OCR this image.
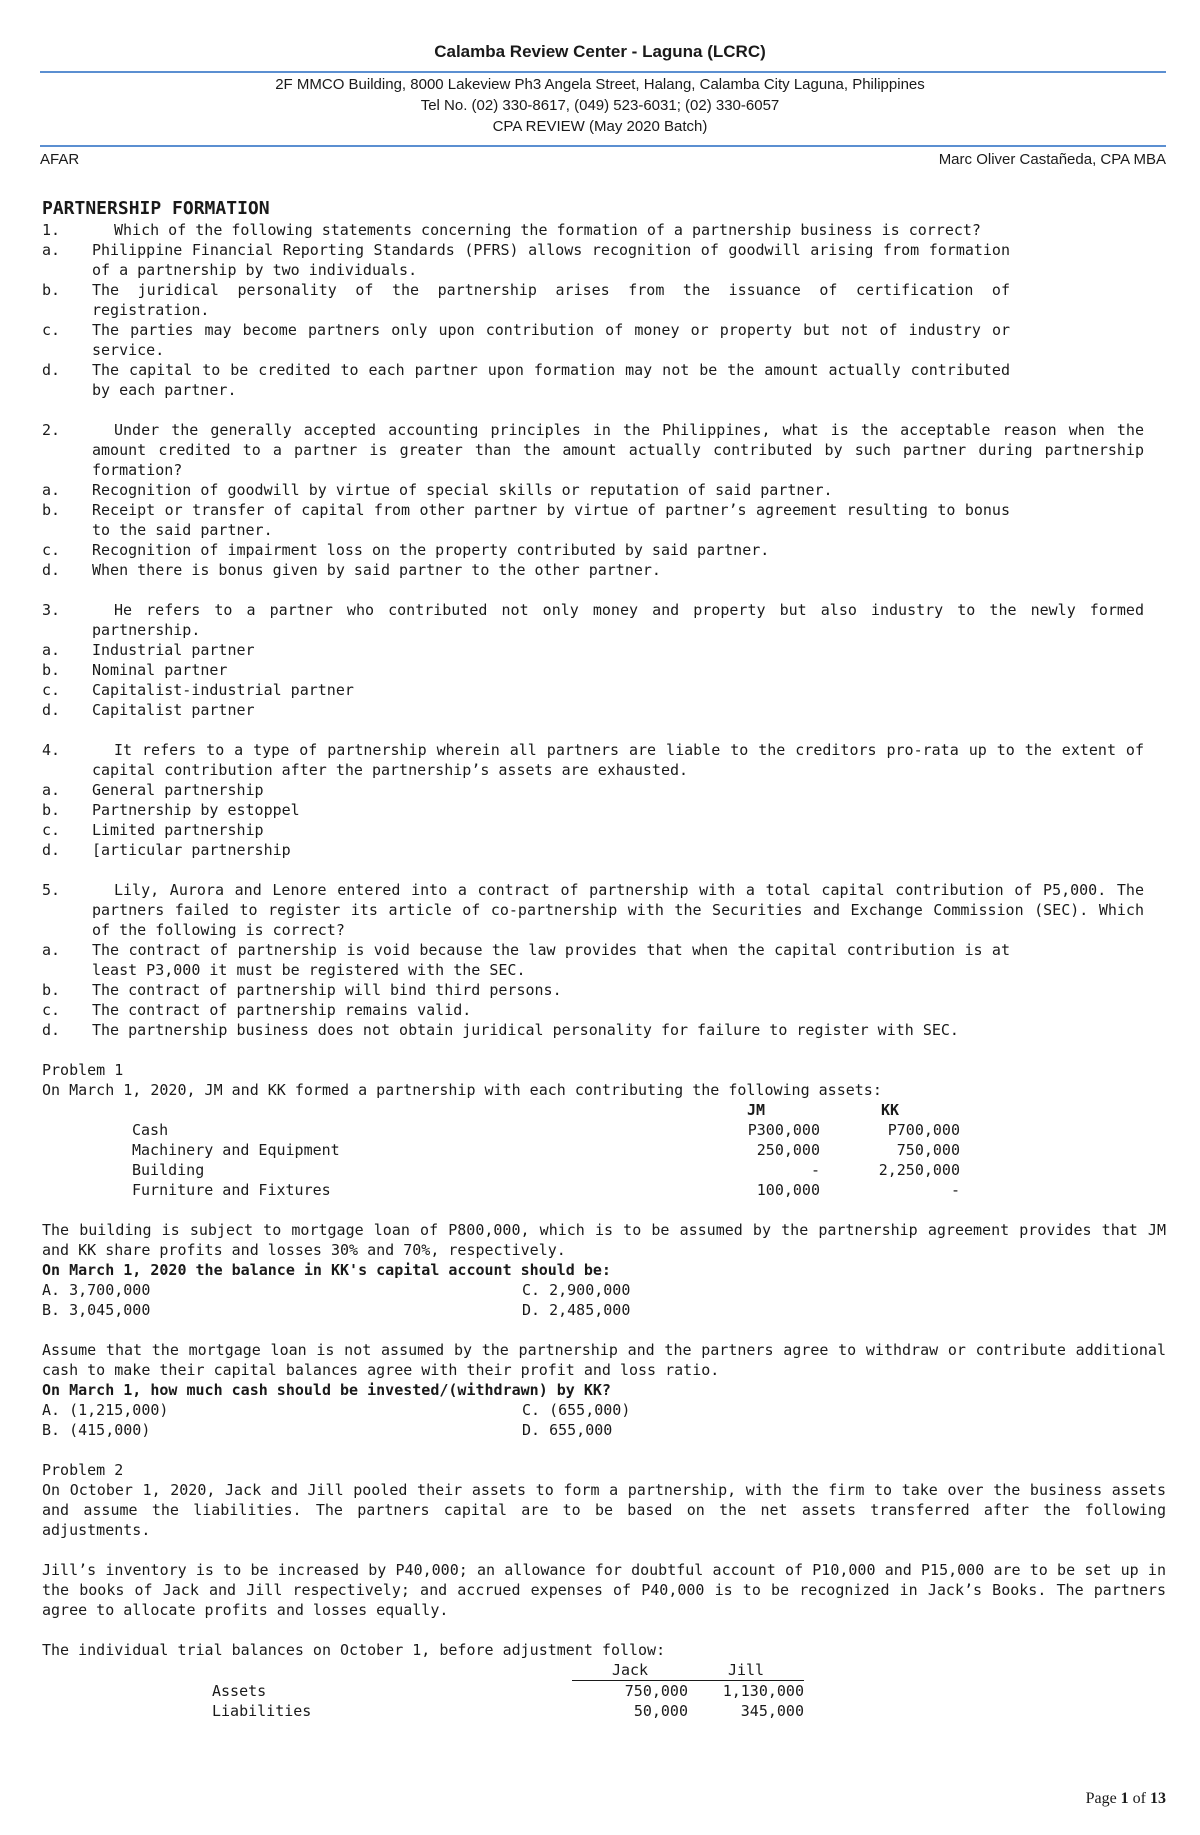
Calamba Review Center - Laguna (LCRC)
2F MMCO Building, 8000 Lakeview Ph3 Angela Street, Halang, Calamba City Laguna, Philippines
Tel No. (02) 330-8617, (049) 523-6031; (02) 330-6057
CPA REVIEW (May 2020 Batch)
AFAR	Marc Oliver Castañeda, CPA MBA
PARTNERSHIP FORMATION
1.	Which of the following statements concerning the formation of a partnership business is correct?
a.	Philippine Financial Reporting Standards (PFRS) allows recognition of goodwill arising from formation of a partnership by two individuals.
b.	The juridical personality of the partnership arises from the issuance of certification of registration.
c.	The parties may become partners only upon contribution of money or property but not of industry or service.
d.	The capital to be credited to each partner upon formation may not be the amount actually contributed by each partner.
2.	Under the generally accepted accounting principles in the Philippines, what is the acceptable reason when the amount credited to a partner is greater than the amount actually contributed by such partner during partnership formation?
a.	Recognition of goodwill by virtue of special skills or reputation of said partner.
b.	Receipt or transfer of capital from other partner by virtue of partner’s agreement resulting to bonus to the said partner.
c.	Recognition of impairment loss on the property contributed by said partner.
d.	When there is bonus given by said partner to the other partner.
3.	He refers to a partner who contributed not only money and property but also industry to the newly formed partnership.
a.	Industrial partner
b.	Nominal partner
c.	Capitalist-industrial partner
d.	Capitalist partner
4.	It refers to a type of partnership wherein all partners are liable to the creditors pro-rata up to the extent of capital contribution after the partnership’s assets are exhausted.
a.	General partnership
b.	Partnership by estoppel
c.	Limited partnership
d.	[articular partnership
5.	Lily, Aurora and Lenore entered into a contract of partnership with a total capital contribution of P5,000. The partners failed to register its article of co-partnership with the Securities and Exchange Commission (SEC). Which of the following is correct?
a.	The contract of partnership is void because the law provides that when the capital contribution is at least P3,000 it must be registered with the SEC.
b.	The contract of partnership will bind third persons.
c.	The contract of partnership remains valid.
d.	The partnership business does not obtain juridical personality for failure to register with SEC.
Problem 1
On March 1, 2020, JM and KK formed a partnership with each contributing the following assets:
	JM	KK
Cash	P300,000	P700,000
Machinery and Equipment	250,000	750,000
Building	-	2,250,000
Furniture and Fixtures	100,000	-
The building is subject to mortgage loan of P800,000, which is to be assumed by the partnership agreement provides that JM and KK share profits and losses 30% and 70%, respectively.
On March 1, 2020 the balance in KK's capital account should be:
A. 3,700,000	C. 2,900,000
B. 3,045,000	D. 2,485,000
Assume that the mortgage loan is not assumed by the partnership and the partners agree to withdraw or contribute additional cash to make their capital balances agree with their profit and loss ratio.
On March 1, how much cash should be invested/(withdrawn) by KK?
A. (1,215,000)	C. (655,000)
B. (415,000)	D. 655,000
Problem 2
On October 1, 2020, Jack and Jill pooled their assets to form a partnership, with the firm to take over the business assets and assume the liabilities. The partners capital are to be based on the net assets transferred after the following adjustments.
Jill’s inventory is to be increased by P40,000; an allowance for doubtful account of P10,000 and P15,000 are to be set up in the books of Jack and Jill respectively; and accrued expenses of P40,000 is to be recognized in Jack’s Books. The partners agree to allocate profits and losses equally.
The individual trial balances on October 1, before adjustment follow:
	Jack	Jill
Assets	750,000	1,130,000
Liabilities	50,000	345,000
Page 1 of 13
